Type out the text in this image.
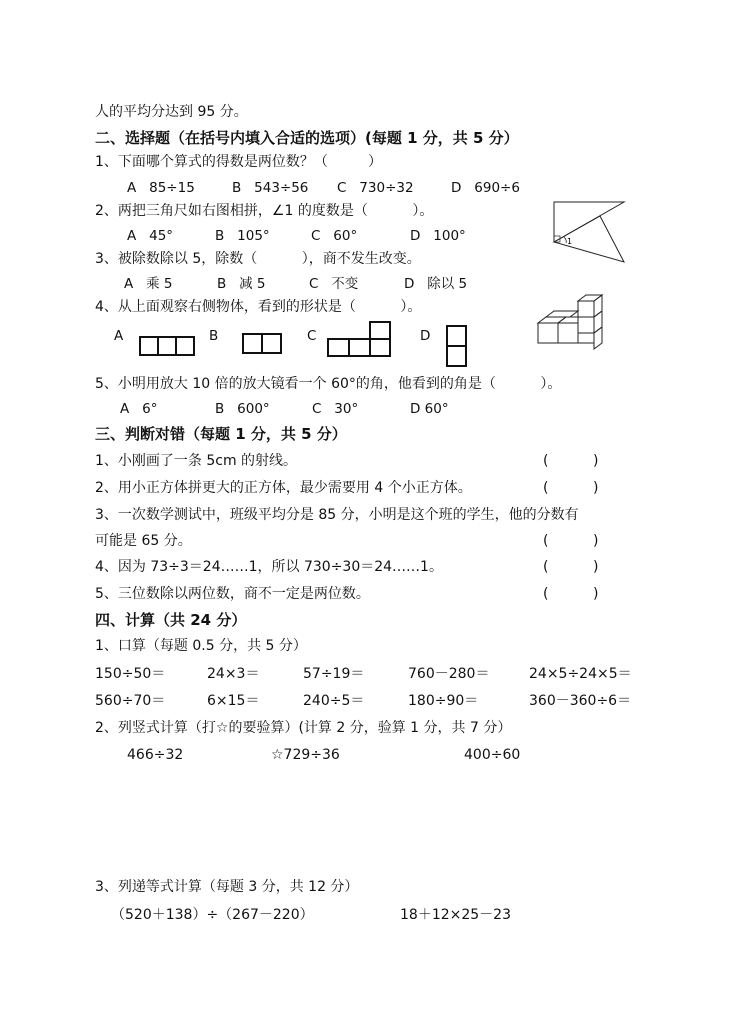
人的平均分达到 95 分。
二、选择题（在括号内填入合适的选项）(每题 1 分，共 5 分）
1、下面哪个算式的得数是两位数？（         ）
A   85÷15	B   543÷56 C   730÷32	D   690÷6
2、两把三角尺如右图相拼，∠1 的度数是（          ）。
A   45°	B   105°	C   60°	D   100°	1
3、被除数除以 5，除数（          ），商不发生改变。
A   乘 5	B   减 5	C   不变	D   除以 5
4、从上面观察右侧物体，看到的形状是（          ）。
A	B	C	D
5、小明用放大 10 倍的放大镜看一个 60°的角，他看到的角是（          ）。
A   6°	B   600°	C   30°	D 60°
三、判断对错（每题 1 分，共 5 分）
1、小刚画了一条 5cm 的射线。	(          )
2、用小正方体拼更大的正方体，最少需要用 4 个小正方体。	(          )
3、一次数学测试中，班级平均分是 85 分，小明是这个班的学生，他的分数有
可能是 65 分。	(          )
4、因为 73÷3＝24……1，所以 730÷30＝24……1。	(          )
5、三位数除以两位数，商不一定是两位数。	(          )
四、计算（共 24 分）
1、口算（每题 0.5 分，共 5 分）
150÷50＝	24×3＝	57÷19＝	760－280＝	24×5÷24×5＝
560÷70＝	6×15＝	240÷5＝	180÷90＝	360－360÷6＝
2、列竖式计算（打☆的要验算）(计算 2 分，验算 1 分，共 7 分）
466÷32	☆729÷36	400÷60
3、列递等式计算（每题 3 分，共 12 分）
（520＋138）÷（267－220）	18＋12×25－23
